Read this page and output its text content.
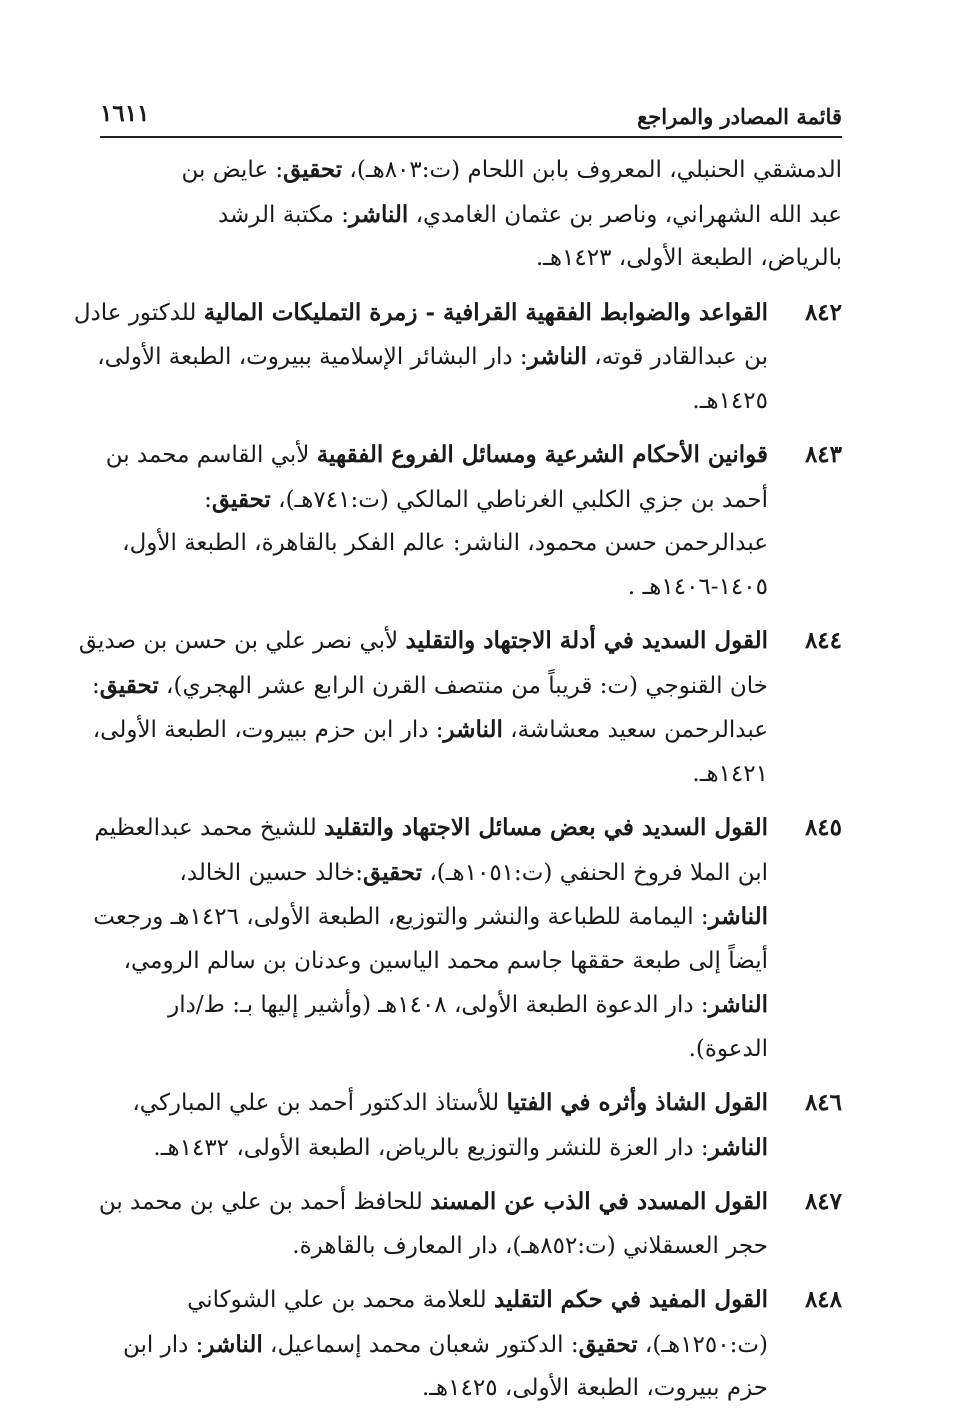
قائمة المصادر والمراجع
١٦١١
الدمشقي الحنبلي، المعروف بابن اللحام (ت:٨٠٣هـ)، تحقيق: عايض بن
عبد الله الشهراني، وناصر بن عثمان الغامدي، الناشر: مكتبة الرشد
بالرياض، الطبعة الأولى، ١٤٢٣هـ.
٨٤٢
القواعد والضوابط الفقهية القرافية - زمرة التمليكات المالية للدكتور عادل
بن عبدالقادر قوته، الناشر: دار البشائر الإسلامية ببيروت، الطبعة الأولى،
١٤٢٥هـ.
٨٤٣
قوانين الأحكام الشرعية ومسائل الفروع الفقهية لأبي القاسم محمد بن
أحمد بن جزي الكلبي الغرناطي المالكي (ت:٧٤١هـ)، تحقيق:
عبدالرحمن حسن محمود، الناشر: عالم الفكر بالقاهرة، الطبعة الأول،
١٤٠٥-١٤٠٦هـ .
٨٤٤
القول السديد في أدلة الاجتهاد والتقليد لأبي نصر علي بن حسن بن صديق
خان القنوجي (ت: قريباً من منتصف القرن الرابع عشر الهجري)، تحقيق:
عبدالرحمن سعيد معشاشة، الناشر: دار ابن حزم ببيروت، الطبعة الأولى،
١٤٢١هـ.
٨٤٥
القول السديد في بعض مسائل الاجتهاد والتقليد للشيخ محمد عبدالعظيم
ابن الملا فروخ الحنفي (ت:١٠٥١هـ)، تحقيق:خالد حسين الخالد،
الناشر: اليمامة للطباعة والنشر والتوزيع، الطبعة الأولى، ١٤٢٦هـ ورجعت
أيضاً إلى طبعة حققها جاسم محمد الياسين وعدنان بن سالم الرومي،
الناشر: دار الدعوة الطبعة الأولى، ١٤٠٨هـ (وأشير إليها بـ: ط/دار
الدعوة).
٨٤٦
القول الشاذ وأثره في الفتيا للأستاذ الدكتور أحمد بن علي المباركي،
الناشر: دار العزة للنشر والتوزيع بالرياض، الطبعة الأولى، ١٤٣٢هـ.
٨٤٧
القول المسدد في الذب عن المسند للحافظ أحمد بن علي بن محمد بن
حجر العسقلاني (ت:٨٥٢هـ)، دار المعارف بالقاهرة.
٨٤٨
القول المفيد في حكم التقليد للعلامة محمد بن علي الشوكاني
(ت:١٢٥٠هـ)، تحقيق: الدكتور شعبان محمد إسماعيل، الناشر: دار ابن
حزم ببيروت، الطبعة الأولى، ١٤٢٥هـ.
